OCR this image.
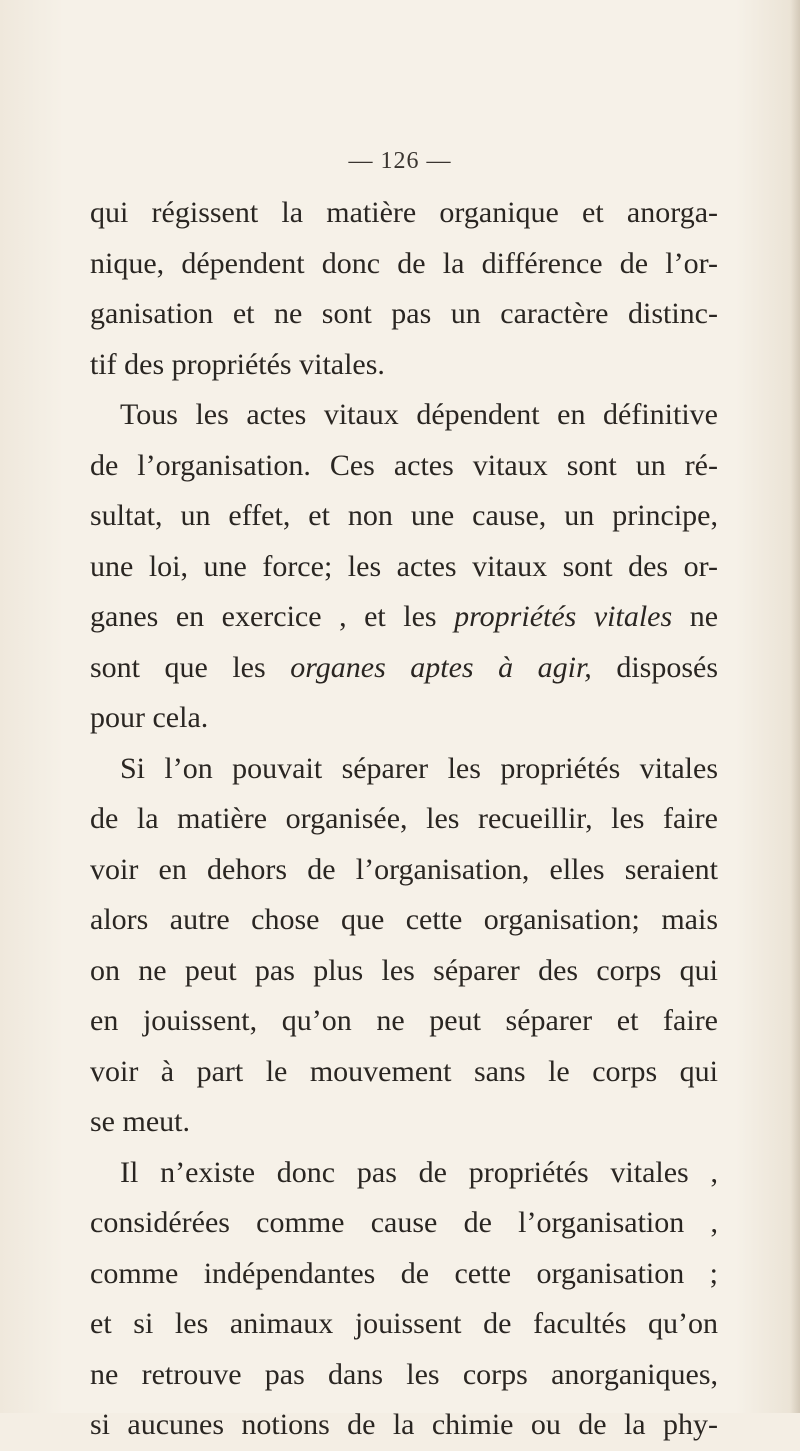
— 126 —
qui régissent la matière organique et anorga-
nique, dépendent donc de la différence de l’or-
ganisation et ne sont pas un caractère distinc-
tif des propriétés vitales.
Tous les actes vitaux dépendent en définitive
de l’organisation. Ces actes vitaux sont un ré-
sultat, un effet, et non une cause, un principe,
une loi, une force; les actes vitaux sont des or-
ganes en exercice , et les propriétés vitales ne
sont que les organes aptes à agir, disposés
pour cela.
Si l’on pouvait séparer les propriétés vitales
de la matière organisée, les recueillir, les faire
voir en dehors de l’organisation, elles seraient
alors autre chose que cette organisation; mais
on ne peut pas plus les séparer des corps qui
en jouissent, qu’on ne peut séparer et faire
voir à part le mouvement sans le corps qui
se meut.
Il n’existe donc pas de propriétés vitales ,
considérées comme cause de l’organisation ,
comme indépendantes de cette organisation ;
et si les animaux jouissent de facultés qu’on
ne retrouve pas dans les corps anorganiques,
si aucunes notions de la chimie ou de la phy-
